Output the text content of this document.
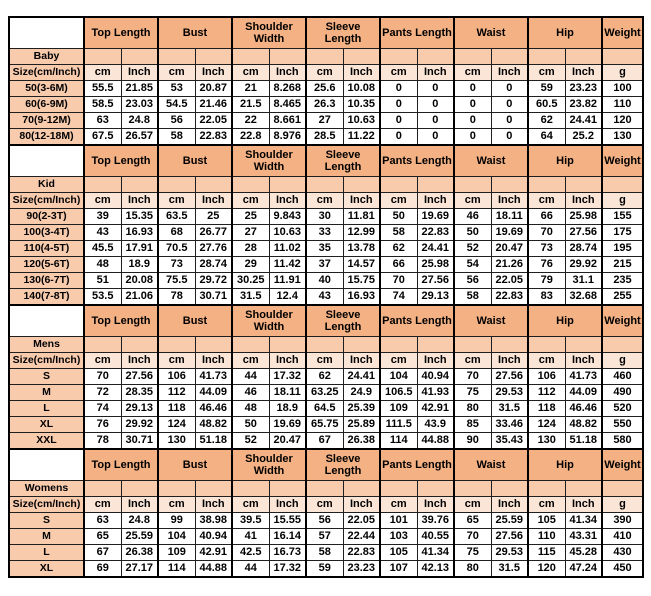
	Top Length		Bust		Shoulder Width		Sleeve Length		Pants Length		Waist		Hip		Weight
Baby															
Size(cm/Inch)	cm	Inch	cm	Inch	cm	Inch	cm	Inch	cm	Inch	cm	Inch	cm	Inch	g
50(3-6M)	55.5	21.85	53	20.87	21	8.268	25.6	10.08	0	0	0	0	59	23.23	100
60(6-9M)	58.5	23.03	54.5	21.46	21.5	8.465	26.3	10.35	0	0	0	0	60.5	23.82	110
70(9-12M)	63	24.8	56	22.05	22	8.661	27	10.63	0	0	0	0	62	24.41	120
80(12-18M)	67.5	26.57	58	22.83	22.8	8.976	28.5	11.22	0	0	0	0	64	25.2	130
	Top Length		Bust		Shoulder Width		Sleeve Length		Pants Length		Waist		Hip		Weight
Kid															
Size(cm/Inch)	cm	Inch	cm	Inch	cm	Inch	cm	Inch	cm	Inch	cm	Inch	cm	Inch	g
90(2-3T)	39	15.35	63.5	25	25	9.843	30	11.81	50	19.69	46	18.11	66	25.98	155
100(3-4T)	43	16.93	68	26.77	27	10.63	33	12.99	58	22.83	50	19.69	70	27.56	175
110(4-5T)	45.5	17.91	70.5	27.76	28	11.02	35	13.78	62	24.41	52	20.47	73	28.74	195
120(5-6T)	48	18.9	73	28.74	29	11.42	37	14.57	66	25.98	54	21.26	76	29.92	215
130(6-7T)	51	20.08	75.5	29.72	30.25	11.91	40	15.75	70	27.56	56	22.05	79	31.1	235
140(7-8T)	53.5	21.06	78	30.71	31.5	12.4	43	16.93	74	29.13	58	22.83	83	32.68	255
	Top Length		Bust		Shoulder Width		Sleeve Length		Pants Length		Waist		Hip		Weight
Mens															
Size(cm/Inch)	cm	Inch	cm	Inch	cm	Inch	cm	Inch	cm	Inch	cm	Inch	cm	Inch	g
S	70	27.56	106	41.73	44	17.32	62	24.41	104	40.94	70	27.56	106	41.73	460
M	72	28.35	112	44.09	46	18.11	63.25	24.9	106.5	41.93	75	29.53	112	44.09	490
L	74	29.13	118	46.46	48	18.9	64.5	25.39	109	42.91	80	31.5	118	46.46	520
XL	76	29.92	124	48.82	50	19.69	65.75	25.89	111.5	43.9	85	33.46	124	48.82	550
XXL	78	30.71	130	51.18	52	20.47	67	26.38	114	44.88	90	35.43	130	51.18	580
	Top Length		Bust		Shoulder Width		Sleeve Length		Pants Length		Waist		Hip		Weight
Womens															
Size(cm/Inch)	cm	Inch	cm	Inch	cm	Inch	cm	Inch	cm	Inch	cm	Inch	cm	Inch	g
S	63	24.8	99	38.98	39.5	15.55	56	22.05	101	39.76	65	25.59	105	41.34	390
M	65	25.59	104	40.94	41	16.14	57	22.44	103	40.55	70	27.56	110	43.31	410
L	67	26.38	109	42.91	42.5	16.73	58	22.83	105	41.34	75	29.53	115	45.28	430
XL	69	27.17	114	44.88	44	17.32	59	23.23	107	42.13	80	31.5	120	47.24	450
